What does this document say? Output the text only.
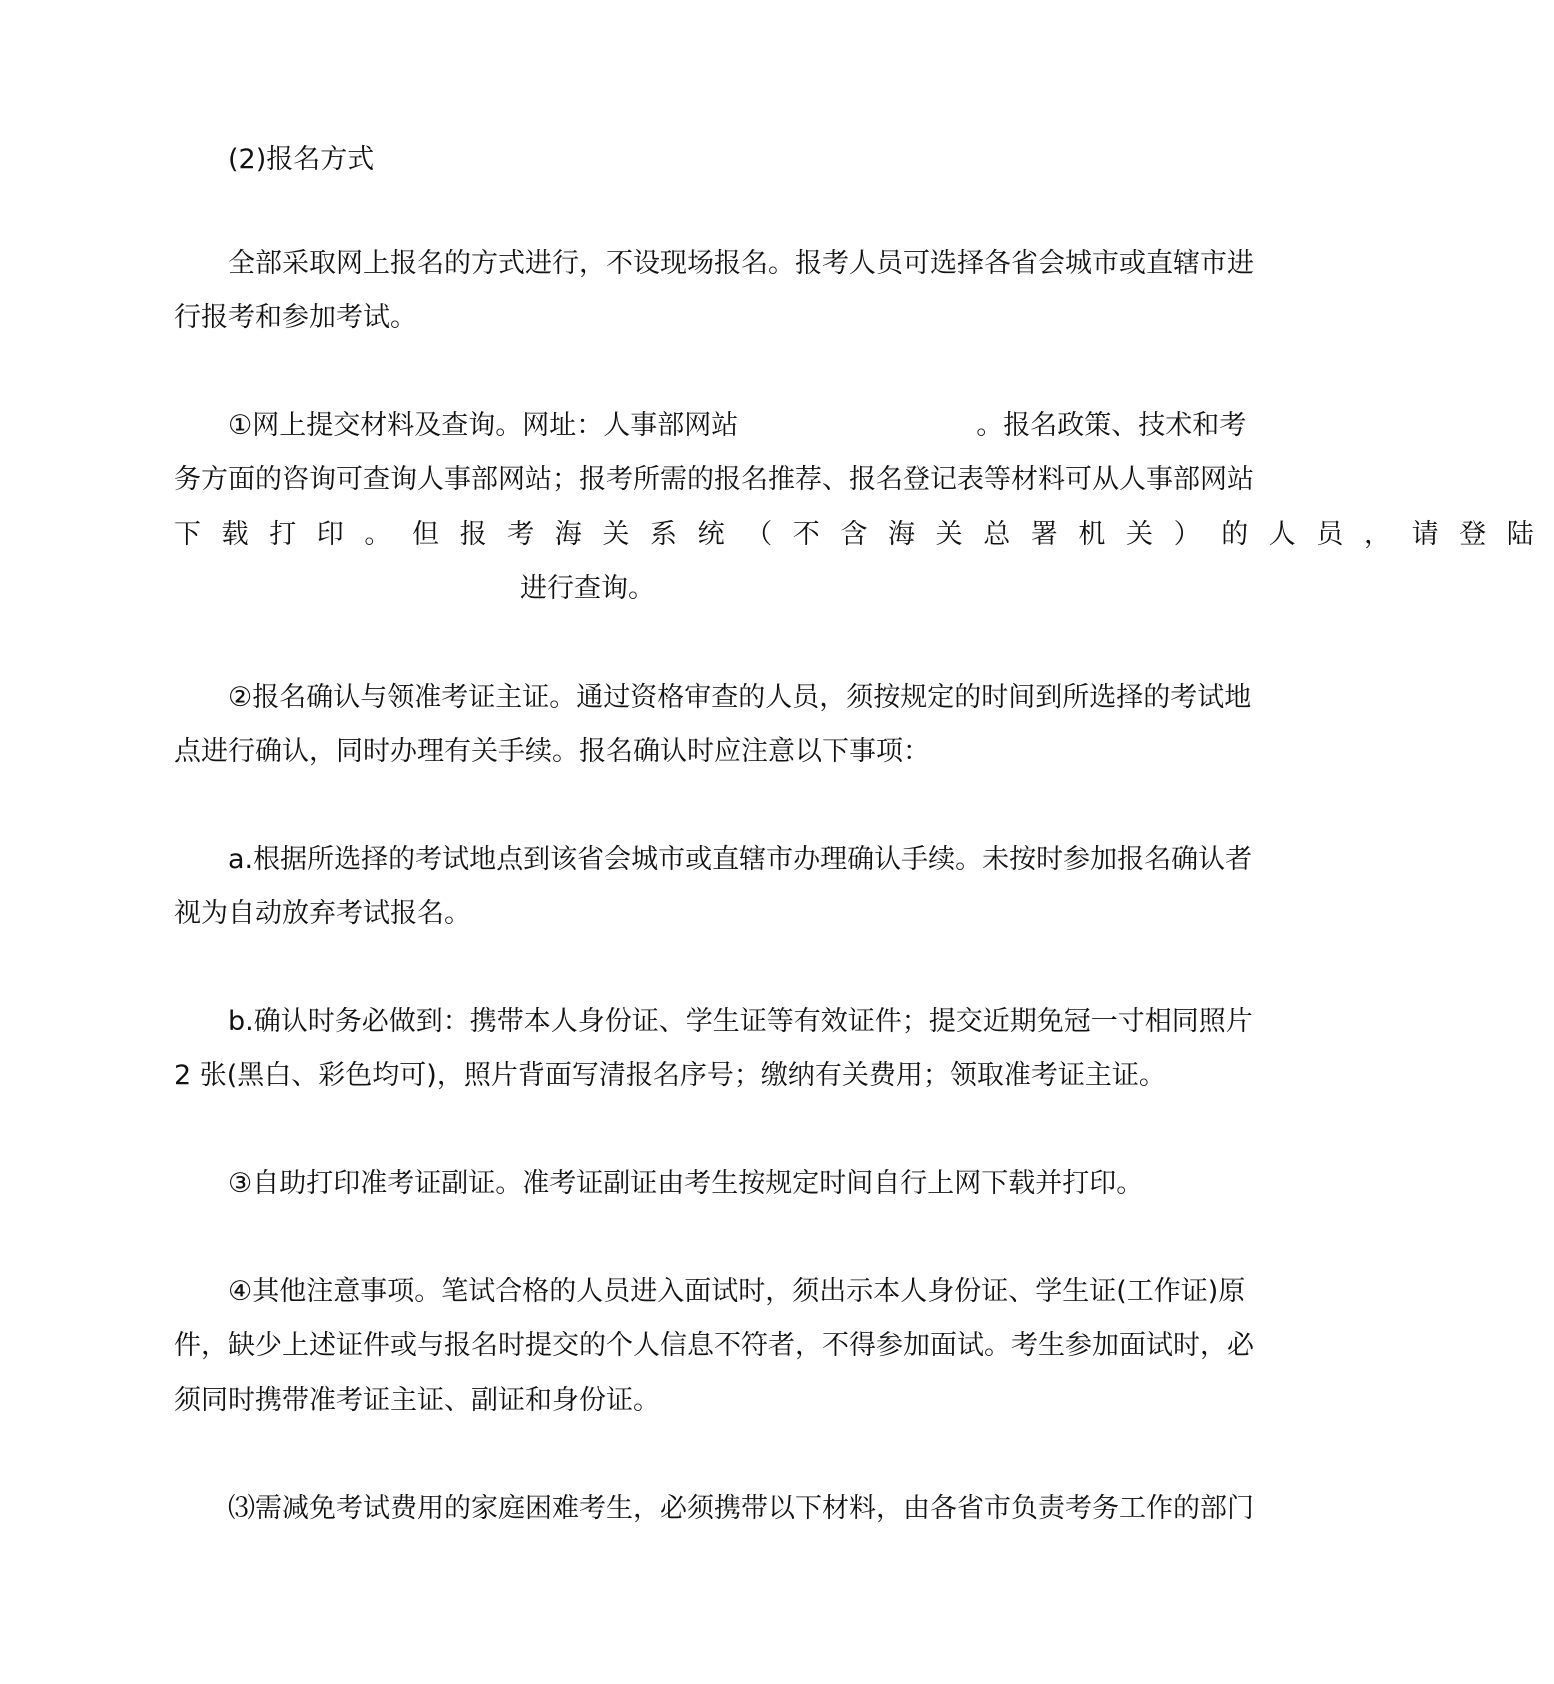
(2)报名方式
全部采取网上报名的方式进行，不设现场报名。报考人员可选择各省会城市或直辖市进
行报考和参加考试。
①网上提交材料及查询。网址：人事部网站	。报名政策、技术和考
务方面的咨询可查询人事部网站；报考所需的报名推荐、报名登记表等材料可从人事部网站
下载打印。但报考海关系统（不含海关总署机关）的人员，请登陆
进行查询。
②报名确认与领准考证主证。通过资格审查的人员，须按规定的时间到所选择的考试地
点进行确认，同时办理有关手续。报名确认时应注意以下事项：
a.根据所选择的考试地点到该省会城市或直辖市办理确认手续。未按时参加报名确认者
视为自动放弃考试报名。
b.确认时务必做到：携带本人身份证、学生证等有效证件；提交近期免冠一寸相同照片
2 张(黑白、彩色均可)，照片背面写清报名序号；缴纳有关费用；领取准考证主证。
③自助打印准考证副证。准考证副证由考生按规定时间自行上网下载并打印。
④其他注意事项。笔试合格的人员进入面试时，须出示本人身份证、学生证(工作证)原
件，缺少上述证件或与报名时提交的个人信息不符者，不得参加面试。考生参加面试时，必
须同时携带准考证主证、副证和身份证。
⑶需减免考试费用的家庭困难考生，必须携带以下材料，由各省市负责考务工作的部门
